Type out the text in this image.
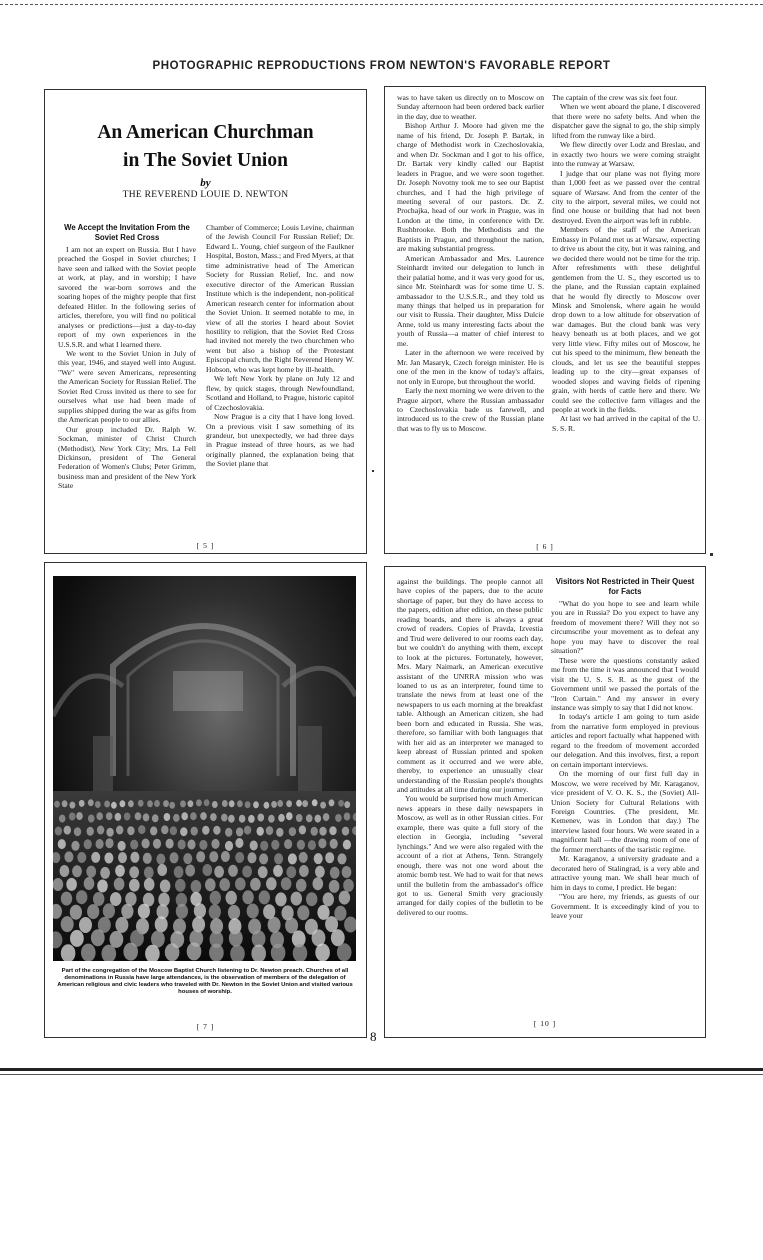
PHOTOGRAPHIC REPRODUCTIONS FROM NEWTON'S FAVORABLE REPORT
An American Churchman
in The Soviet Union
by
THE REVEREND LOUIE D. NEWTON
We Accept the Invitation From the Soviet Red Cross

I am not an expert on Russia. But I have preached the Gospel in Soviet churches; I have seen and talked with the Soviet people at work, at play, and in worship; I have savored the war-born sorrows and the soaring hopes of the mighty people that first defeated Hitler. In the following series of articles, therefore, you will find no political analyses or predictions—just a day-to-day report of my own experiences in the U.S.S.R. and what I learned there.

We went to the Soviet Union in July of this year, 1946, and stayed well into August. "We" were seven Americans, representing the American Society for Russian Relief. The Soviet Red Cross invited us there to see for ourselves what use had been made of supplies shipped during the war as gifts from the American people to our allies.

Our group included Dr. Ralph W. Sockman, minister of Christ Church (Methodist), New York City; Mrs. La Fell Dickinson, president of The General Federation of Women's Clubs; Peter Grimm, business man and president of the New York State

Chamber of Commerce; Louis Levine, chairman of the Jewish Council For Russian Relief; Dr. Edward L. Young, chief surgeon of the Faulkner Hospital, Boston, Mass.; and Fred Myers, at that time administrative head of The American Society for Russian Relief, Inc. and now executive director of the American Russian Institute which is the independent, non-political American research center for information about the Soviet Union. It seemed notable to me, in view of all the stories I heard about Soviet hostility to religion, that the Soviet Red Cross had invited not merely the two churchmen who went but also a bishop of the Protestant Episcopal church, the Right Reverend Henry W. Hobson, who was kept home by ill-health.

We left New York by plane on July 12 and flew, by quick stages, through Newfoundland, Scotland and Holland, to Prague, historic capitol of Czechoslovakia.

Now Prague is a city that I have long loved. On a previous visit I saw something of its grandeur, but unexpectedly, we had three days in Prague instead of three hours, as we had originally planned, the explanation being that the Soviet plane that

[ 5 ]

was to have taken us directly on to Moscow on Sunday afternoon had been ordered back earlier in the day, due to weather.

Bishop Arthur J. Moore had given me the name of his friend, Dr. Joseph P. Bartak, in charge of Methodist work in Czechoslovakia, and when Dr. Sockman and I got to his office, Dr. Bartak very kindly called our Baptist leaders in Prague, and we were soon together. Dr. Joseph Novotny took me to see our Baptist churches, and I had the high privilege of meeting several of our pastors. Dr. Z. Prochajka, head of our work in Prague, was in London at the time, in conference with Dr. Rushbrooke. Both the Methodists and the Baptists in Prague, and throughout the nation, are making substantial progress.

American Ambassador and Mrs. Laurence Steinhardt invited our delegation to lunch in their palatial home, and it was very good for us, since Mr. Steinhardt was for some time U. S. ambassador to the U.S.S.R., and they told us many things that helped us in preparation for our visit to Russia. Their daughter, Miss Dulcie Anne, told us many interesting facts about the youth of Russia—a matter of chief interest to me.

Later in the afternoon we were received by Mr. Jan Masaryk, Czech foreign minister. He is one of the men in the know of today's affairs, not only in Europe, but throughout the world.

Early the next morning we were driven to the Prague airport, where the Russian ambassador to Czechoslovakia bade us farewell, and introduced us to the crew of the Russian plane that was to fly us to Moscow.

The captain of the crew was six feet four.

When we went aboard the plane, I discovered that there were no safety belts. And when the dispatcher gave the signal to go, the ship simply lifted from the runway like a bird.

We flew directly over Lodz and Breslau, and in exactly two hours we were coming straight into the runway at Warsaw.

I judge that our plane was not flying more than 1,000 feet as we passed over the central square of Warsaw. And from the center of the city to the airport, several miles, we could not find one house or building that had not been destroyed. Even the airport was left in rubble.

Members of the staff of the American Embassy in Poland met us at Warsaw, expecting to drive us about the city, but it was raining, and we decided there would not be time for the trip. After refreshments with these delightful gentlemen from the U. S., they escorted us to the plane, and the Russian captain explained that he would fly directly to Moscow over Minsk and Smolensk, where again he would drop down to a low altitude for observation of war damages. But the cloud bank was very heavy beneath us at both places, and we got very little view. Fifty miles out of Moscow, he cut his speed to the minimum, flew beneath the clouds, and let us see the beautiful steppes leading up to the city—great expanses of wooded slopes and waving fields of ripening grain, with herds of cattle here and there. We could see the collective farm villages and the people at work in the fields.

At last we had arrived in the capital of the U. S. S. R.

[ 6 ]
Part of the congregation of the Moscow Baptist Church listening to Dr. Newton preach. Churches of all denominations in Russia have large attendances, is the observation of members of the delegation of American religious and civic leaders who traveled with Dr. Newton in the Soviet Union and visited various houses of worship.
[ 7 ]

against the buildings. The people cannot all have copies of the papers, due to the acute shortage of paper, but they do have access to the papers, edition after edition, on these public reading boards, and there is always a great crowd of readers. Copies of Pravda, Izvestia and Trud were delivered to our rooms each day, but we couldn't do anything with them, except to look at the pictures. Fortunately, however, Mrs. Mary Naimark, an American executive assistant of the UNRRA mission who was loaned to us as an interpreter, found time to translate the news from at least one of the newspapers to us each morning at the breakfast table. Although an American citizen, she had been born and educated in Russia. She was, therefore, so familiar with both languages that with her aid as an interpreter we managed to keep abreast of Russian printed and spoken comment as it occurred and we were able, thereby, to experience an unusually clear understanding of the Russian people's thoughts and attitudes at all time during our journey.

You would be surprised how much American news appears in these daily newspapers in Moscow, as well as in other Russian cities. For example, there was quite a full story of the election in Georgia, including "several lynchings." And we were also regaled with the account of a riot at Athens, Tenn. Strangely enough, there was not one word about the atomic bomb test. We had to wait for that news until the bulletin from the ambassador's office got to us. General Smith very graciously arranged for daily copies of the bulletin to be delivered to our rooms.

Visitors Not Restricted in Their Quest for Facts

"What do you hope to see and learn while you are in Russia? Do you expect to have any freedom of movement there? Will they not so circumscribe your movement as to defeat any hope you may have to discover the real situation?"

These were the questions constantly asked me from the time it was announced that I would visit the U. S. S. R. as the guest of the Government until we passed the portals of the "Iron Curtain." And my answer in every instance was simply to say that I did not know.

In today's article I am going to turn aside from the narrative form employed in previous articles and report factually what happened with regard to the freedom of movement accorded our delegation. And this involves, first, a report on certain important interviews.

On the morning of our first full day in Moscow, we were received by Mr. Karaganov, vice president of V. O. K. S., the (Soviet) All-Union Society for Cultural Relations with Foreign Countries. (The president, Mr. Kemenev, was in London that day.) The interview lasted four hours. We were seated in a magnificent hall —the drawing room of one of the former merchants of the tsaristic regime.

Mr. Karaganov, a university graduate and a decorated hero of Stalingrad, is a very able and attractive young man. We shall hear much of him in days to come, I predict. He began:

"You are here, my friends, as guests of our Government. It is exceedingly kind of you to leave your

[ 10 ]
8
